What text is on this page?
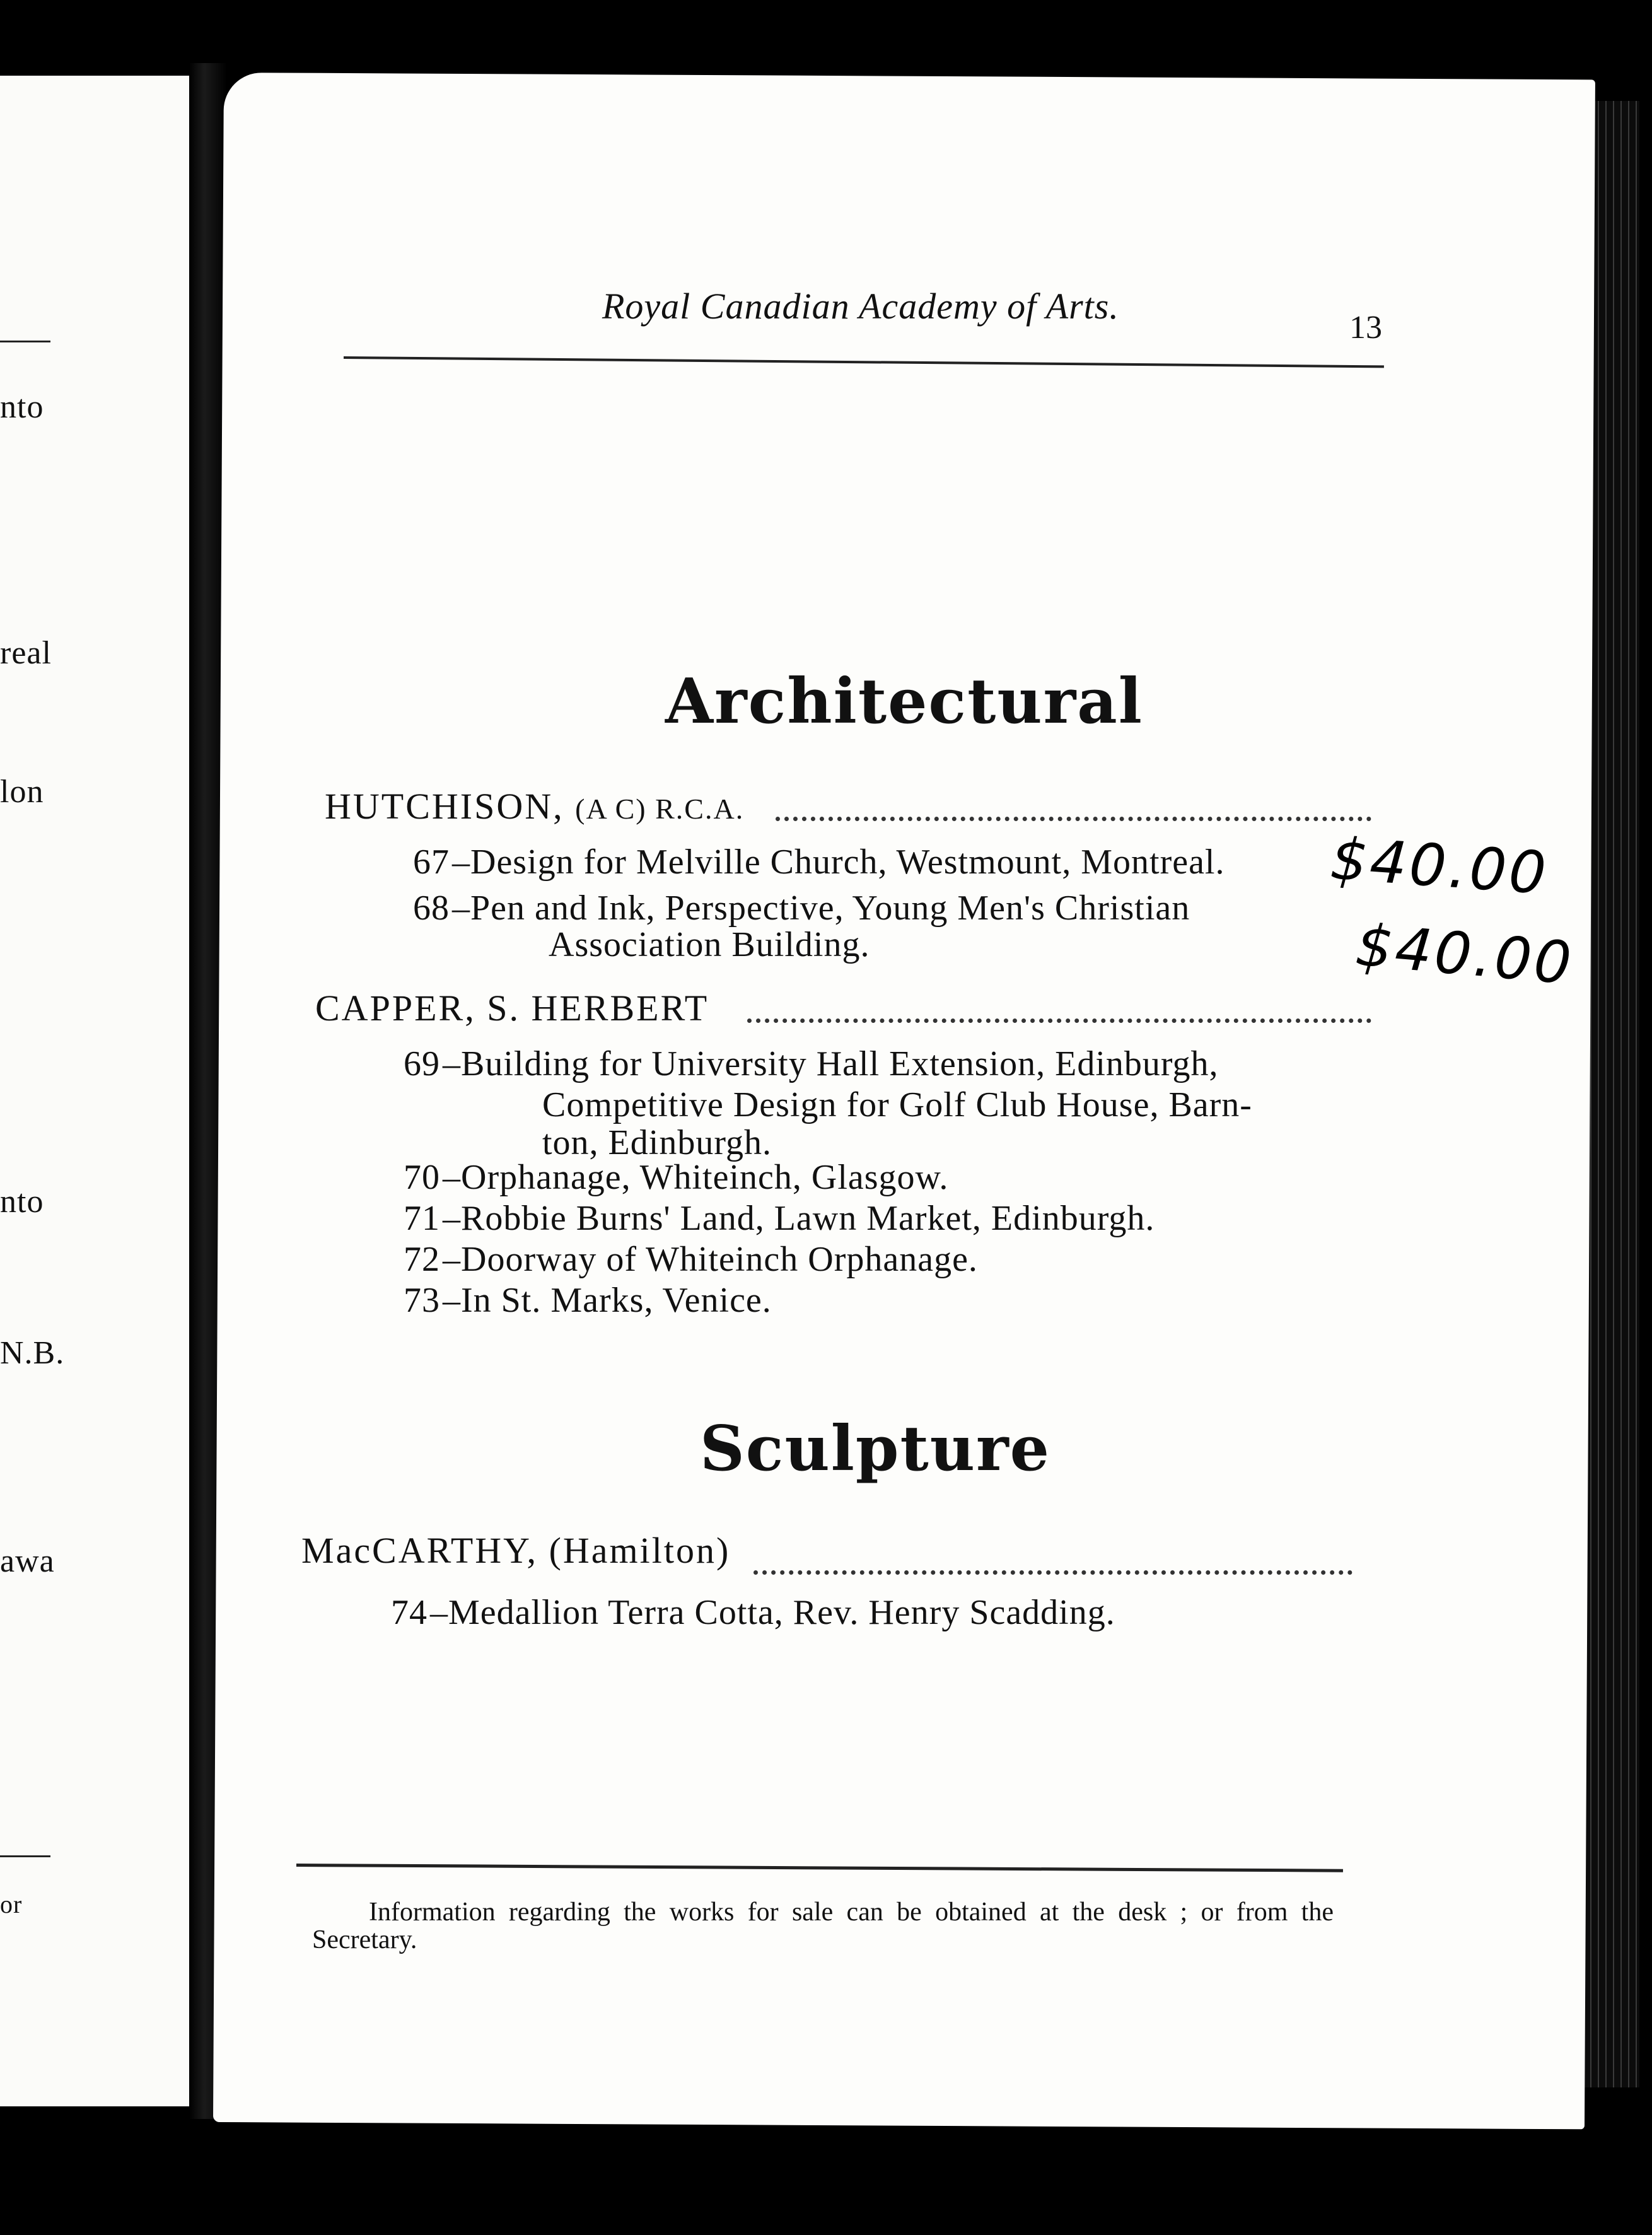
nto
real
lon
nto
N.B.
awa
or
Royal Canadian Academy of Arts.
13
Architectural
HUTCHISON, (A C) R.C.A.
67–Design for Melville Church, Westmount, Montreal. $40.00
68–Pen and Ink, Perspective, Young Men's Christian
Association Building.	$40.00
CAPPER, S. HERBERT
69–Building for University Hall Extension, Edinburgh,
Competitive Design for Golf Club House, Barn-
ton, Edinburgh.
70–Orphanage, Whiteinch, Glasgow.
71–Robbie Burns' Land, Lawn Market, Edinburgh.
72–Doorway of Whiteinch Orphanage.
73–In St. Marks, Venice.
Sculpture
MacCARTHY, (Hamilton)
74–Medallion Terra Cotta, Rev. Henry Scadding.
Information regarding the works for sale can be obtained at the desk ; or from the Secretary.
